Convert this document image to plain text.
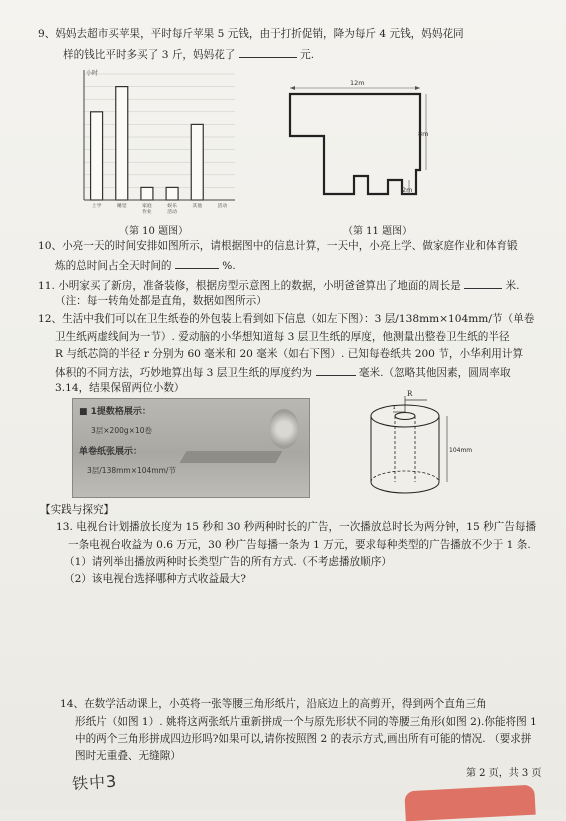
9、妈妈去超市买苹果，平时每斤苹果 5 元钱，由于打折促销，降为每斤 4 元钱，妈妈花同
样的钱比平时多买了 3 斤，妈妈花了	元.
小时
上学	睡觉	家庭
作业
娱乐
活动
其他	活动
12m
8m
2m
（第 10 题图）	（第 11 题图）
10、小亮一天的时间安排如图所示，请根据图中的信息计算，一天中，小亮上学、做家庭作业和体育锻
炼的总时间占全天时间的	%.
11. 小明家买了新房，准备装修，根据房型示意图上的数据，小明爸爸算出了地面的周长是	米.
（注：每一转角处都是直角，数据如图所示）
12、生活中我们可以在卫生纸卷的外包装上看到如下信息（如左下图）：3 层/138mm×104mm/节（单卷
卫生纸两虚线间为一节）. 爱动脑的小华想知道每 3 层卫生纸的厚度，他测量出整卷卫生纸的半径
R 与纸芯筒的半径 r 分别为 60 毫米和 20 毫米（如右下图）. 已知每卷纸共 200 节，小华利用计算
体积的不同方法，巧妙地算出每 3 层卫生纸的厚度约为	毫米.（忽略其他因素，圆周率取
3.14，结果保留两位小数）
■ 1提数格展示：
3层×200g×10卷
单卷纸张展示：
3层/138mm×104mm/节
R
r
104mm
【实践与探究】
13. 电视台计划播放长度为 15 秒和 30 秒两种时长的广告，一次播放总时长为两分钟，15 秒广告每播
一条电视台收益为 0.6 万元，30 秒广告每播一条为 1 万元，要求每种类型的广告播放不少于 1 条.
（1）请列举出播放两种时长类型广告的所有方式.（不考虑播放顺序）
（2）该电视台选择哪种方式收益最大?
14、在数学活动课上，小英将一张等腰三角形纸片，沿底边上的高剪开，得到两个直角三角
形纸片（如图 1）. 姚将这两张纸片重新拼成一个与原先形状不同的等腰三角形(如图 2).你能将图 1
中的两个三角形拼成四边形吗?如果可以,请你按照图 2 的表示方式,画出所有可能的情况. （要求拼
图时无重叠、无缝隙）
铁中3	第 2 页，共 3 页
